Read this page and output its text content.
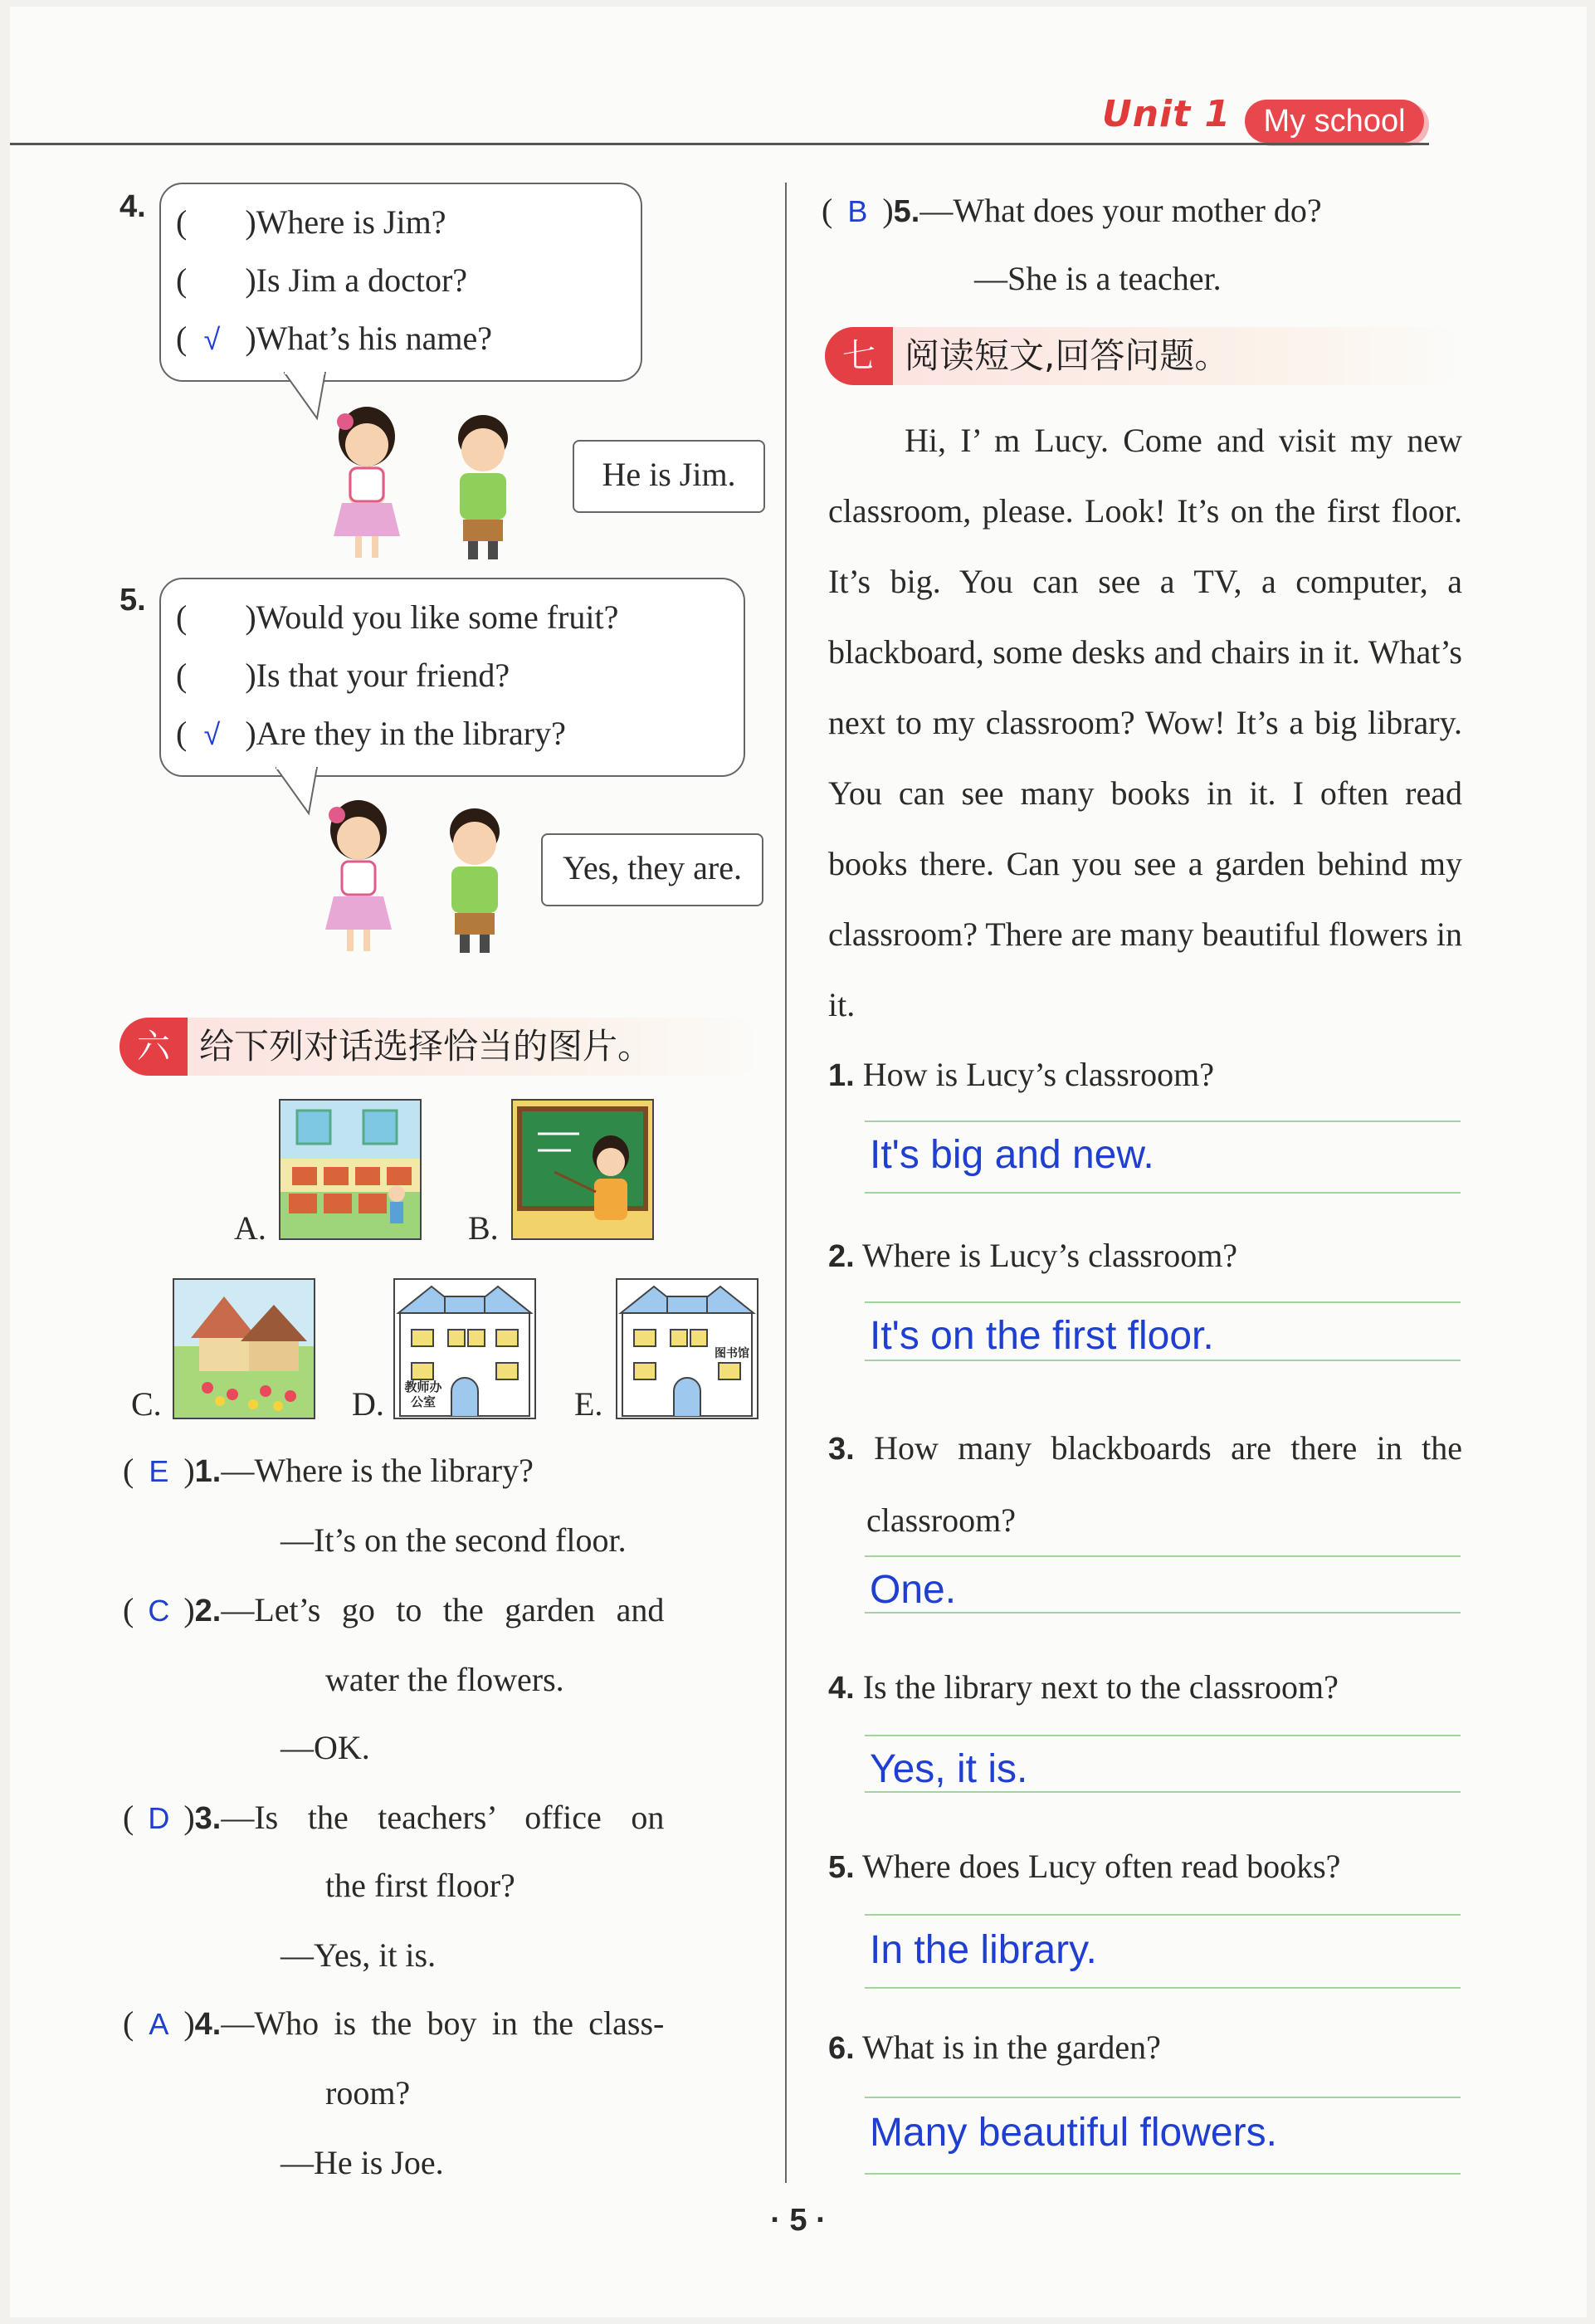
Unit 1	My school
4. ( )Where is Jim?
( )Is Jim a doctor?
( √ )What’s his name?
He is Jim.
5. ( )Would you like some fruit?
( )Is that your friend?
( √ )Are they in the library?
Yes, they are.
六 给下列对话选择恰当的图片。
A.	B.
C.	D.	教师办公室	E.
图书馆
( E )1.—Where is the library?
—It’s on the second floor.
( C )2.—Let’s go to the garden and
water the flowers.
—OK.
( D )3.—Is the teachers’ office on
the first floor?
—Yes, it is.
( A )4.—Who is the boy in the class-
room?
—He is Joe.
( B )5.—What does your mother do?
—She is a teacher.
七 阅读短文,回答问题。
Hi, I’ m Lucy. Come and visit my new classroom, please. Look! It’s on the first floor. It’s big. You can see a TV, a computer, a blackboard, some desks and chairs in it. What’s next to my classroom? Wow! It’s a big library. You can see many books in it. I often read books there. Can you see a garden behind my classroom? There are many beautiful flowers in it.
1. How is Lucy’s classroom?
It's big and new.
2. Where is Lucy’s classroom?
It's on the first floor.
3. How many blackboards are there in the classroom?
One.
4. Is the library next to the classroom?
Yes, it is.
5. Where does Lucy often read books?
In the library.
6. What is in the garden?
Many beautiful flowers.
· 5 ·
